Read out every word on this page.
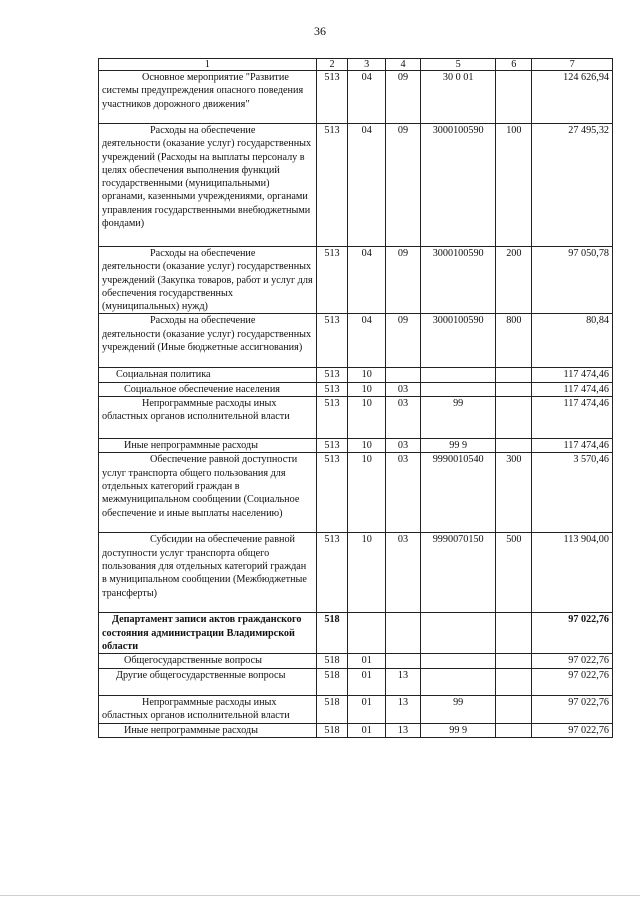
36
1	2	3	4	5	6	7
Основное мероприятие "Развитие системы предупреждения опасного поведения участников дорожного движения"	513	04	09	30 0 01		124 626,94
Расходы на обеспечение деятельности (оказание услуг) государственных учреждений (Расходы на выплаты персоналу в целях обеспечения выполнения функций государственными (муниципальными) органами, казенными учреждениями, органами управления государственными внебюджетными фондами)	513	04	09	3000100590	100	27 495,32
Расходы на обеспечение деятельности (оказание услуг) государственных учреждений (Закупка товаров, работ и услуг для обеспечения государственных (муниципальных) нужд)	513	04	09	3000100590	200	97 050,78
Расходы на обеспечение деятельности (оказание услуг) государственных учреждений (Иные бюджетные ассигнования)	513	04	09	3000100590	800	80,84
Социальная политика	513	10				117 474,46
Социальное обеспечение населения	513	10	03			117 474,46
Непрограммные расходы иных областных органов исполнительной власти	513	10	03	99		117 474,46
Иные непрограммные расходы	513	10	03	99 9		117 474,46
Обеспечение равной доступности услуг транспорта общего пользования для отдельных категорий граждан в межмуниципальном сообщении (Социальное обеспечение и иные выплаты населению)	513	10	03	9990010540	300	3 570,46
Субсидии на обеспечение равной доступности услуг транспорта общего пользования для отдельных категорий граждан в муниципальном сообщении (Межбюджетные трансферты)	513	10	03	9990070150	500	113 904,00
Департамент записи актов гражданского состояния администрации Владимирской области	518					97 022,76
Общегосударственные вопросы	518	01				97 022,76
Другие общегосударственные вопросы	518	01	13			97 022,76
Непрограммные расходы иных областных органов исполнительной власти	518	01	13	99		97 022,76
Иные непрограммные расходы	518	01	13	99 9		97 022,76
